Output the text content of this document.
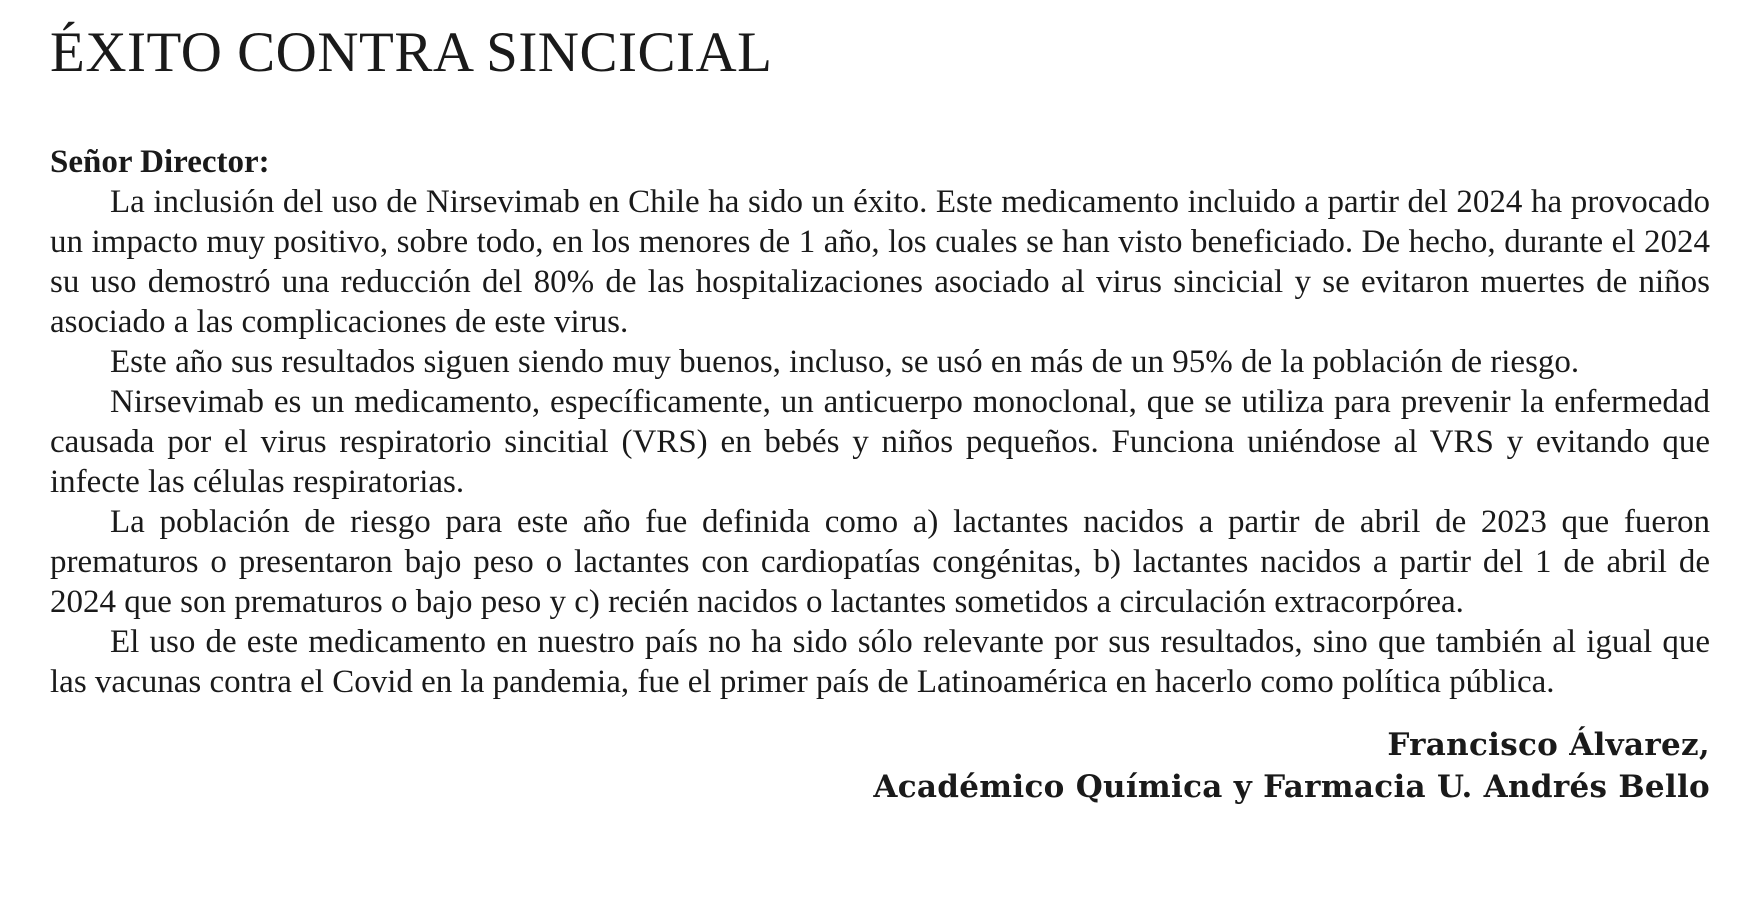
ÉXITO CONTRA SINCICIAL

Señor Director:

La inclusión del uso de Nirsevimab en Chile ha sido un éxito. Este medicamento incluido a partir del 2024 ha provocado un impacto muy positivo, sobre todo, en los menores de 1 año, los cuales se han visto beneficiado. De hecho, durante el 2024 su uso demostró una reducción del 80% de las hospitalizaciones asociado al virus sincicial y se evitaron muertes de niños asociado a las complicaciones de este virus.

Este año sus resultados siguen siendo muy buenos, incluso, se usó en más de un 95% de la población de riesgo.

Nirsevimab es un medicamento, específicamente, un anticuerpo monoclonal, que se utiliza para prevenir la enfermedad causada por el virus respiratorio sincitial (VRS) en bebés y niños pequeños. Funciona uniéndose al VRS y evitando que infecte las células respiratorias.

La población de riesgo para este año fue definida como a) lactantes nacidos a partir de abril de 2023 que fueron prematuros o presentaron bajo peso o lactantes con cardiopatías congénitas, b) lactantes nacidos a partir del 1 de abril de 2024 que son prematuros o bajo peso y c) recién nacidos o lactantes sometidos a circulación extracorpórea.

El uso de este medicamento en nuestro país no ha sido sólo relevante por sus resultados, sino que también al igual que las vacunas contra el Covid en la pandemia, fue el primer país de Latinoamérica en hacerlo como política pública.

Francisco Álvarez,
Académico Química y Farmacia U. Andrés Bello
